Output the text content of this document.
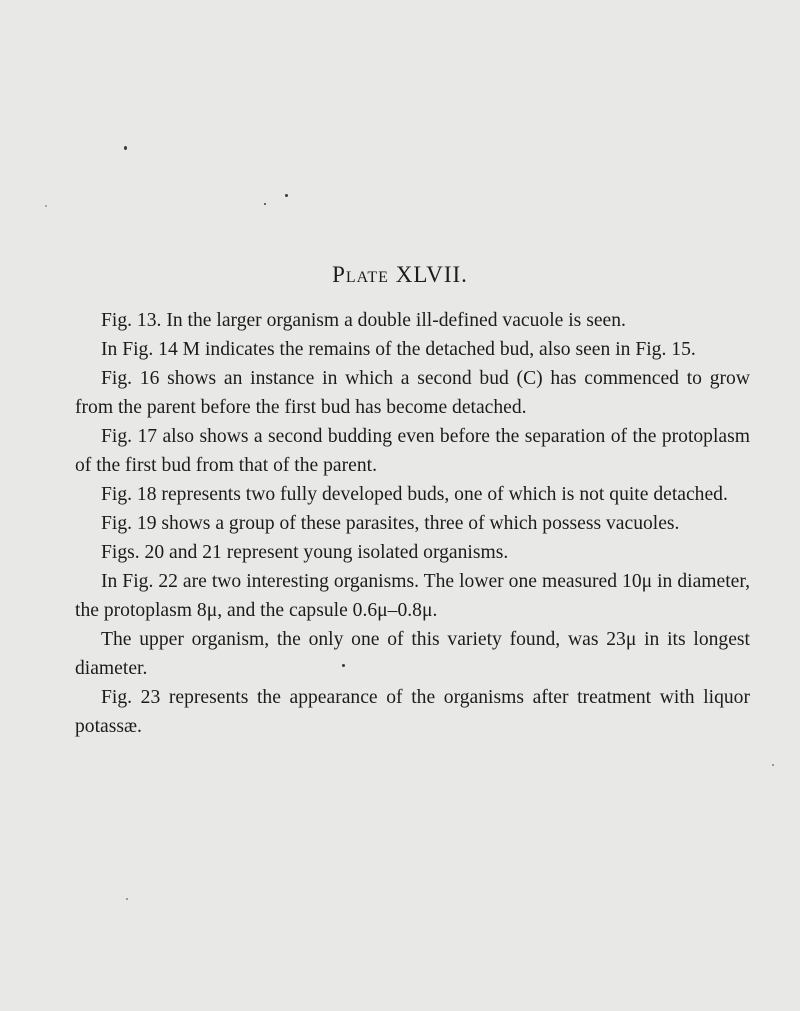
Plate XLVII.

Fig. 13. In the larger organism a double ill-defined vacuole is seen.

In Fig. 14 M indicates the remains of the detached bud, also seen in Fig. 15.

Fig. 16 shows an instance in which a second bud (C) has commenced to grow from the parent before the first bud has become detached.

Fig. 17 also shows a second budding even before the separation of the protoplasm of the first bud from that of the parent.

Fig. 18 represents two fully developed buds, one of which is not quite detached.

Fig. 19 shows a group of these parasites, three of which possess vacuoles.

Figs. 20 and 21 represent young isolated organisms.

In Fig. 22 are two interesting organisms. The lower one measured 10μ in diameter, the protoplasm 8μ, and the capsule 0.6μ–0.8μ.

The upper organism, the only one of this variety found, was 23μ in its longest diameter.

Fig. 23 represents the appearance of the organisms after treatment with liquor potassæ.
